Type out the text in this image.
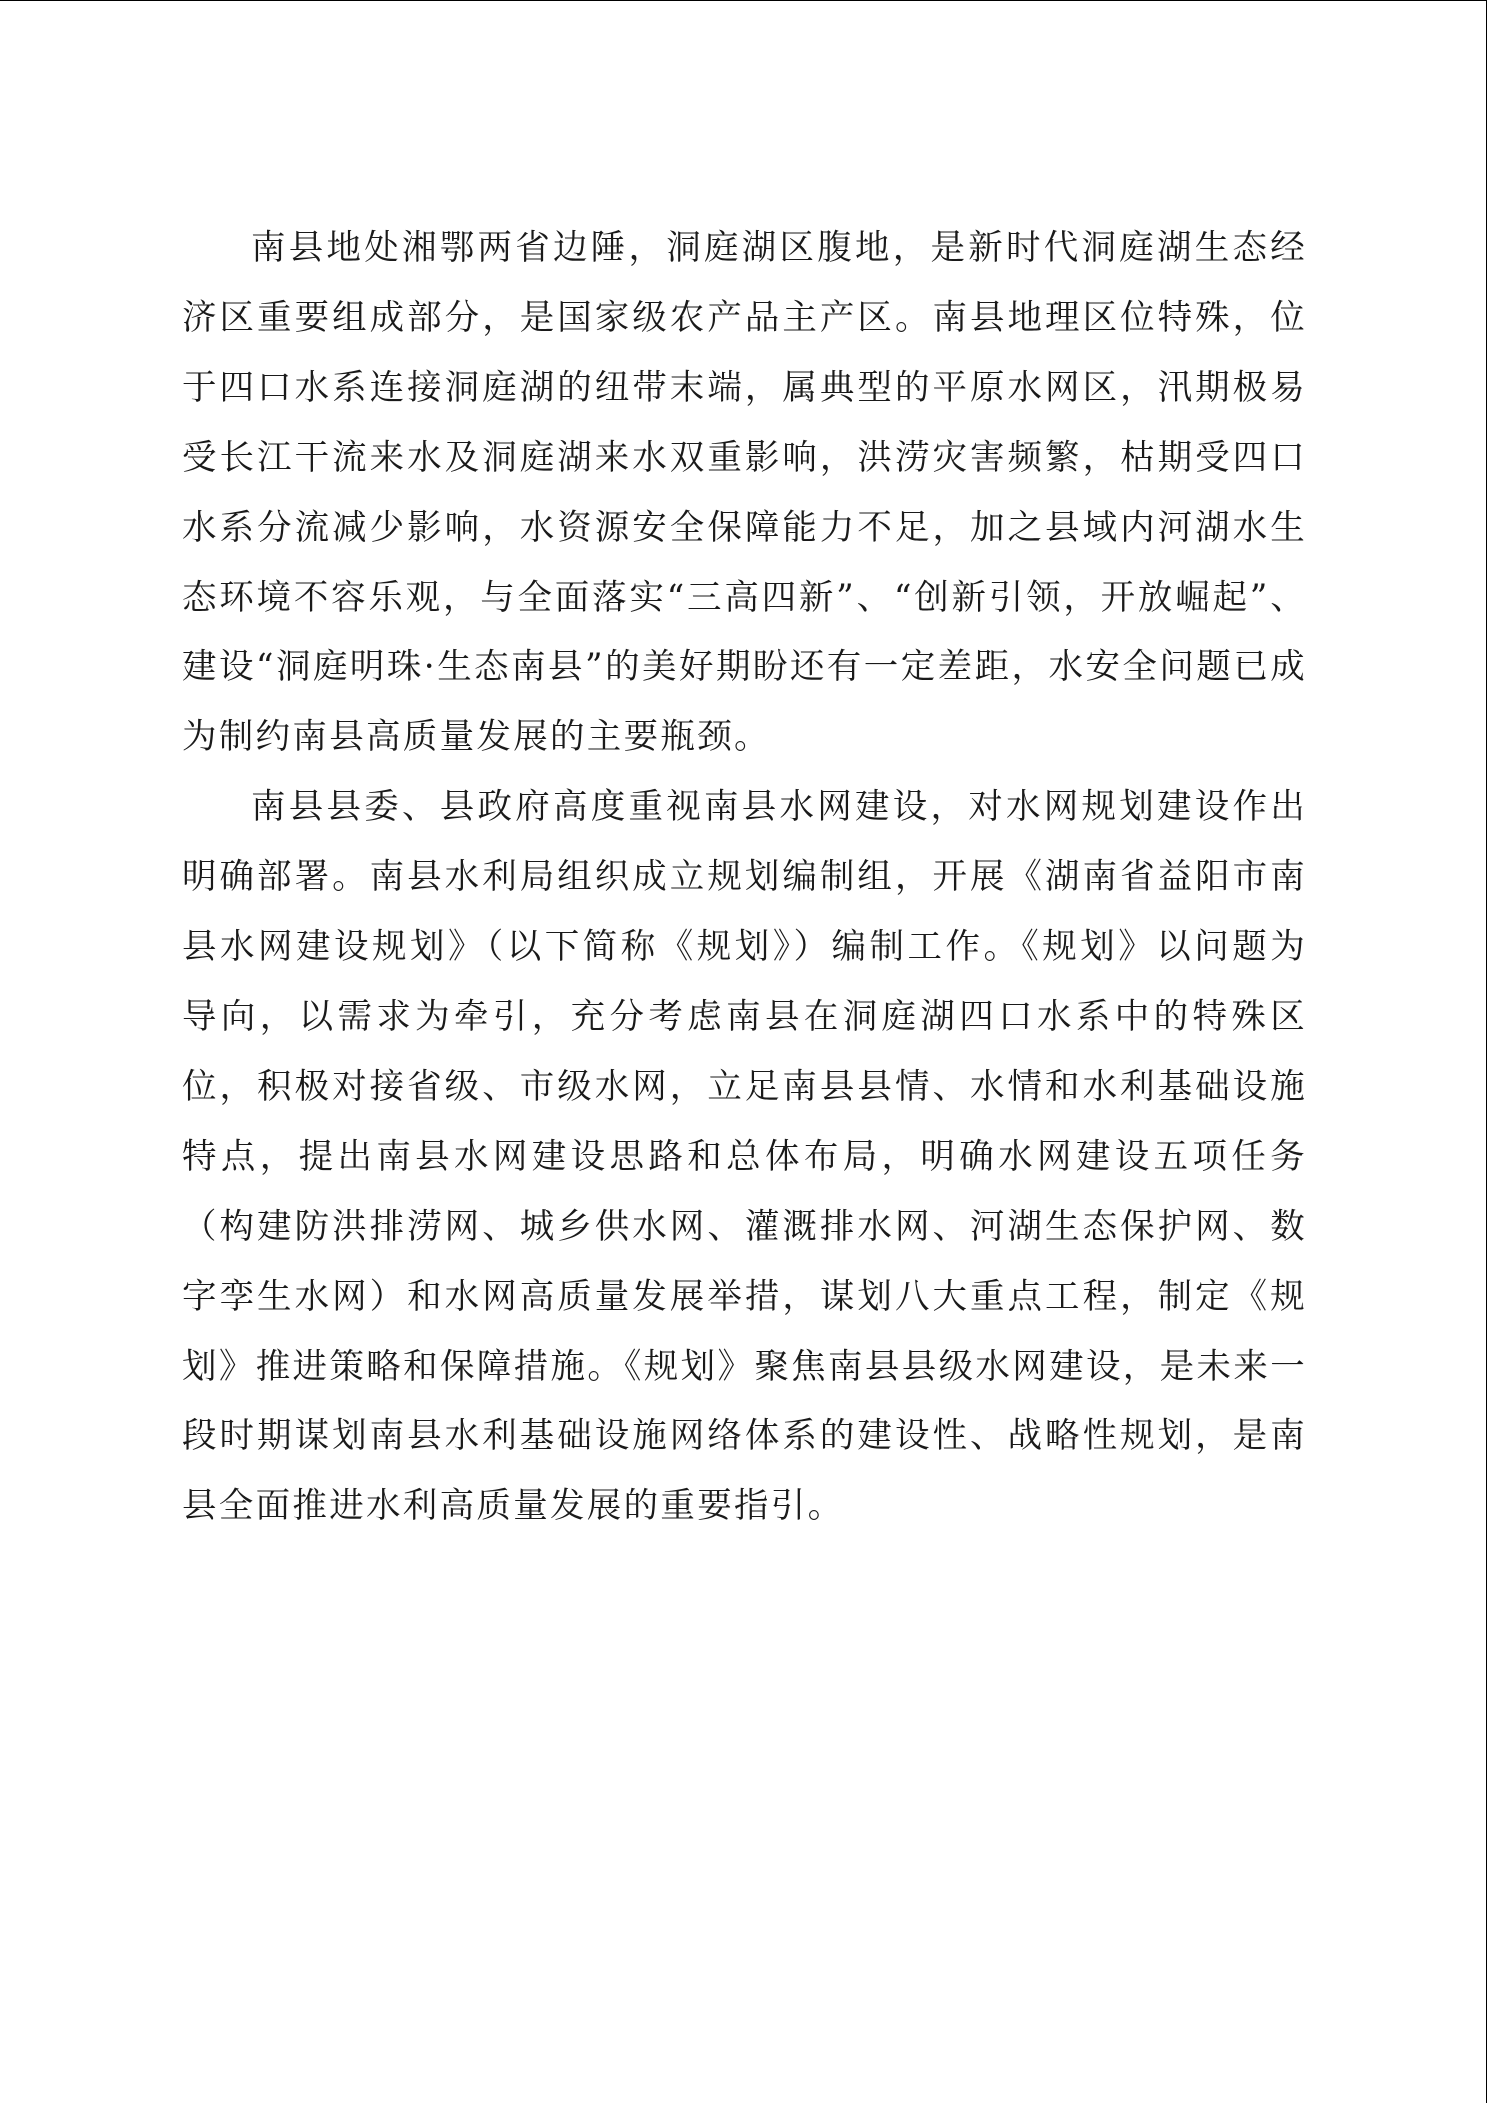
南县地处湘鄂两省边陲，洞庭湖区腹地，是新时代洞庭湖生态经济区重要组成部分，是国家级农产品主产区。南县地理区位特殊，位于四口水系连接洞庭湖的纽带末端，属典型的平原水网区，汛期极易受长江干流来水及洞庭湖来水双重影响，洪涝灾害频繁，枯期受四口水系分流减少影响，水资源安全保障能力不足，加之县域内河湖水生态环境不容乐观，与全面落实“三高四新”、“创新引领，开放崛起”、建设“洞庭明珠·生态南县”的美好期盼还有一定差距，水安全问题已成为制约南县高质量发展的主要瓶颈。

南县县委、县政府高度重视南县水网建设，对水网规划建设作出明确部署。南县水利局组织成立规划编制组，开展《湖南省益阳市南县水网建设规划》（以下简称《规划》）编制工作。《规划》以问题为导向，以需求为牵引，充分考虑南县在洞庭湖四口水系中的特殊区位，积极对接省级、市级水网，立足南县县情、水情和水利基础设施特点，提出南县水网建设思路和总体布局，明确水网建设五项任务（构建防洪排涝网、城乡供水网、灌溉排水网、河湖生态保护网、数字孪生水网）和水网高质量发展举措，谋划八大重点工程，制定《规划》推进策略和保障措施。《规划》聚焦南县县级水网建设，是未来一段时期谋划南县水利基础设施网络体系的建设性、战略性规划，是南县全面推进水利高质量发展的重要指引。
